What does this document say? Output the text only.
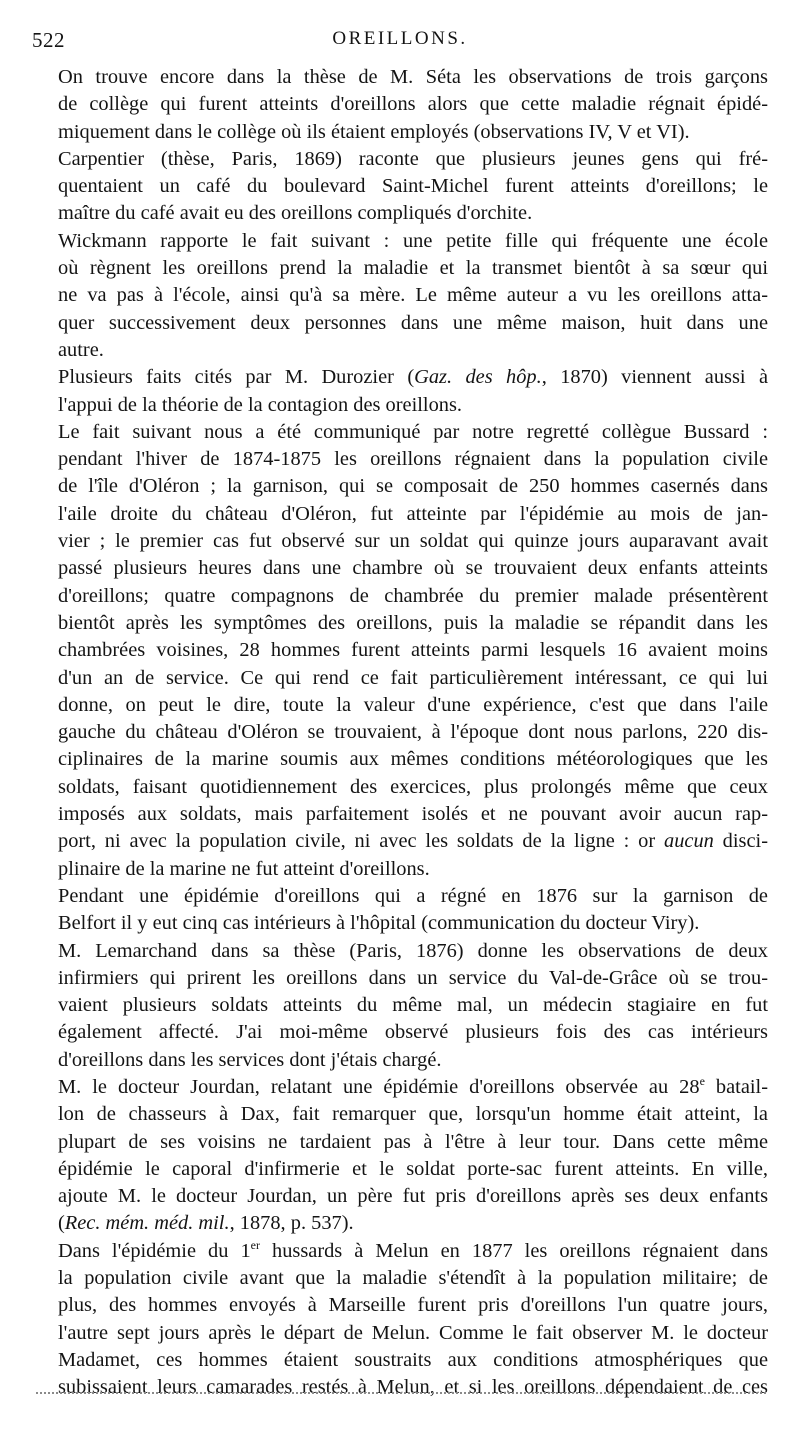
522	OREILLONS.
On trouve encore dans la thèse de M. Séta les observations de trois garçons
de collège qui furent atteints d'oreillons alors que cette maladie régnait épidé-
miquement dans le collège où ils étaient employés (observations IV, V et VI).
Carpentier (thèse, Paris, 1869) raconte que plusieurs jeunes gens qui fré-
quentaient un café du boulevard Saint-Michel furent atteints d'oreillons; le
maître du café avait eu des oreillons compliqués d'orchite.
Wickmann rapporte le fait suivant : une petite fille qui fréquente une école
où règnent les oreillons prend la maladie et la transmet bientôt à sa sœur qui
ne va pas à l'école, ainsi qu'à sa mère. Le même auteur a vu les oreillons atta-
quer successivement deux personnes dans une même maison, huit dans une
autre.
Plusieurs faits cités par M. Durozier (Gaz. des hôp., 1870) viennent aussi à
l'appui de la théorie de la contagion des oreillons.
Le fait suivant nous a été communiqué par notre regretté collègue Bussard :
pendant l'hiver de 1874-1875 les oreillons régnaient dans la population civile
de l'île d'Oléron ; la garnison, qui se composait de 250 hommes casernés dans
l'aile droite du château d'Oléron, fut atteinte par l'épidémie au mois de jan-
vier ; le premier cas fut observé sur un soldat qui quinze jours auparavant avait
passé plusieurs heures dans une chambre où se trouvaient deux enfants atteints
d'oreillons; quatre compagnons de chambrée du premier malade présentèrent
bientôt après les symptômes des oreillons, puis la maladie se répandit dans les
chambrées voisines, 28 hommes furent atteints parmi lesquels 16 avaient moins
d'un an de service. Ce qui rend ce fait particulièrement intéressant, ce qui lui
donne, on peut le dire, toute la valeur d'une expérience, c'est que dans l'aile
gauche du château d'Oléron se trouvaient, à l'époque dont nous parlons, 220 dis-
ciplinaires de la marine soumis aux mêmes conditions météorologiques que les
soldats, faisant quotidiennement des exercices, plus prolongés même que ceux
imposés aux soldats, mais parfaitement isolés et ne pouvant avoir aucun rap-
port, ni avec la population civile, ni avec les soldats de la ligne : or aucun disci-
plinaire de la marine ne fut atteint d'oreillons.
Pendant une épidémie d'oreillons qui a régné en 1876 sur la garnison de
Belfort il y eut cinq cas intérieurs à l'hôpital (communication du docteur Viry).
M. Lemarchand dans sa thèse (Paris, 1876) donne les observations de deux
infirmiers qui prirent les oreillons dans un service du Val-de-Grâce où se trou-
vaient plusieurs soldats atteints du même mal, un médecin stagiaire en fut
également affecté. J'ai moi-même observé plusieurs fois des cas intérieurs
d'oreillons dans les services dont j'étais chargé.
M. le docteur Jourdan, relatant une épidémie d'oreillons observée au 28e batail-
lon de chasseurs à Dax, fait remarquer que, lorsqu'un homme était atteint, la
plupart de ses voisins ne tardaient pas à l'être à leur tour. Dans cette même
épidémie le caporal d'infirmerie et le soldat porte-sac furent atteints. En ville,
ajoute M. le docteur Jourdan, un père fut pris d'oreillons après ses deux enfants
(Rec. mém. méd. mil., 1878, p. 537).
Dans l'épidémie du 1er hussards à Melun en 1877 les oreillons régnaient dans
la population civile avant que la maladie s'étendît à la population militaire; de
plus, des hommes envoyés à Marseille furent pris d'oreillons l'un quatre jours,
l'autre sept jours après le départ de Melun. Comme le fait observer M. le docteur
Madamet, ces hommes étaient soustraits aux conditions atmosphériques que
subissaient leurs camarades restés à Melun, et si les oreillons dépendaient de ces
